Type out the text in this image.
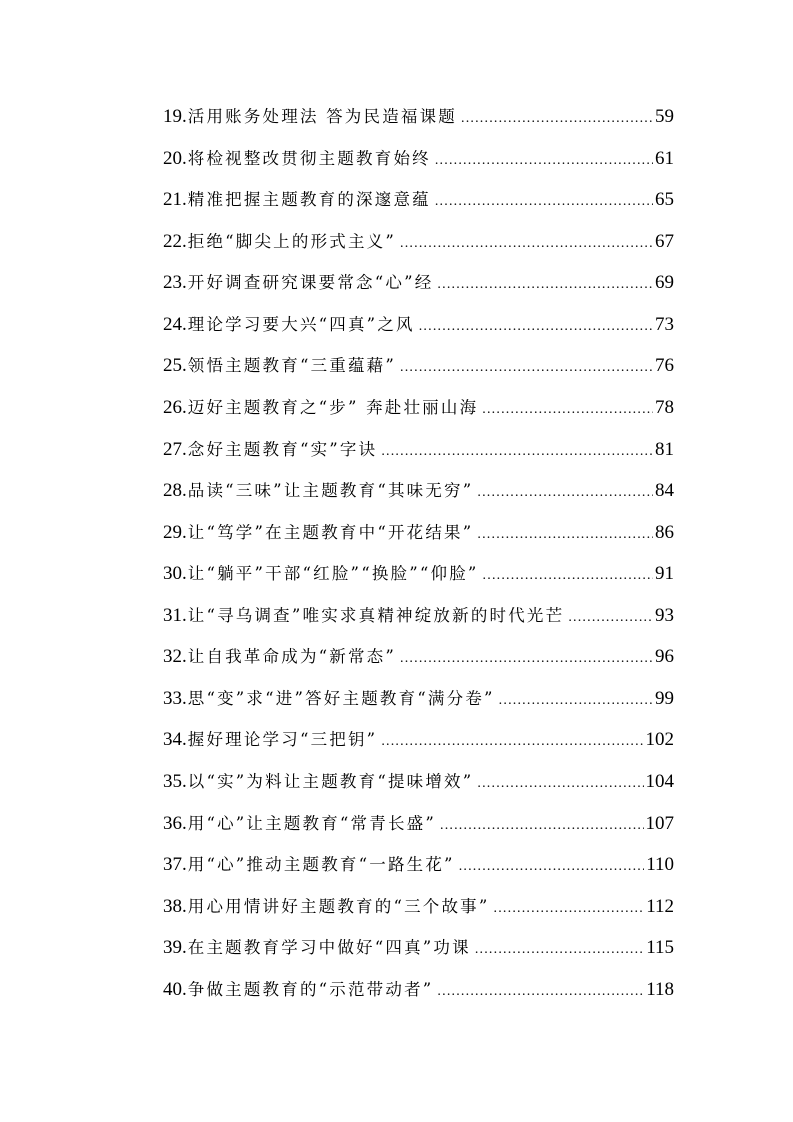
19. 活用账务处理法 答为民造福课题 .....	59
20. 将检视整改贯彻主题教育始终 .....	61
21. 精准把握主题教育的深邃意蕴 .....	65
22. 拒绝“脚尖上的形式主义” .....	67
23. 开好调查研究课要常念“心”经 .....	69
24. 理论学习要大兴“四真”之风 .....	73
25. 领悟主题教育“三重蕴藉” .....	76
26. 迈好主题教育之“步” 奔赴壮丽山海 .....	78
27. 念好主题教育“实”字诀 .....	81
28. 品读“三味”让主题教育“其味无穷” .....	84
29. 让“笃学”在主题教育中“开花结果” .....	86
30. 让“躺平”干部“红脸”“换脸”“仰脸” .....	91
31. 让“寻乌调查”唯实求真精神绽放新的时代光芒 .....	93
32. 让自我革命成为“新常态” .....	96
33. 思“变”求“进”答好主题教育“满分卷” .....	99
34. 握好理论学习“三把钥” .....	102
35. 以“实”为料让主题教育“提味增效” .....	104
36. 用“心”让主题教育“常青长盛” .....	107
37. 用“心”推动主题教育“一路生花” .....	110
38. 用心用情讲好主题教育的“三个故事” .....	112
39. 在主题教育学习中做好“四真”功课 .....	115
40. 争做主题教育的“示范带动者” .....	118
